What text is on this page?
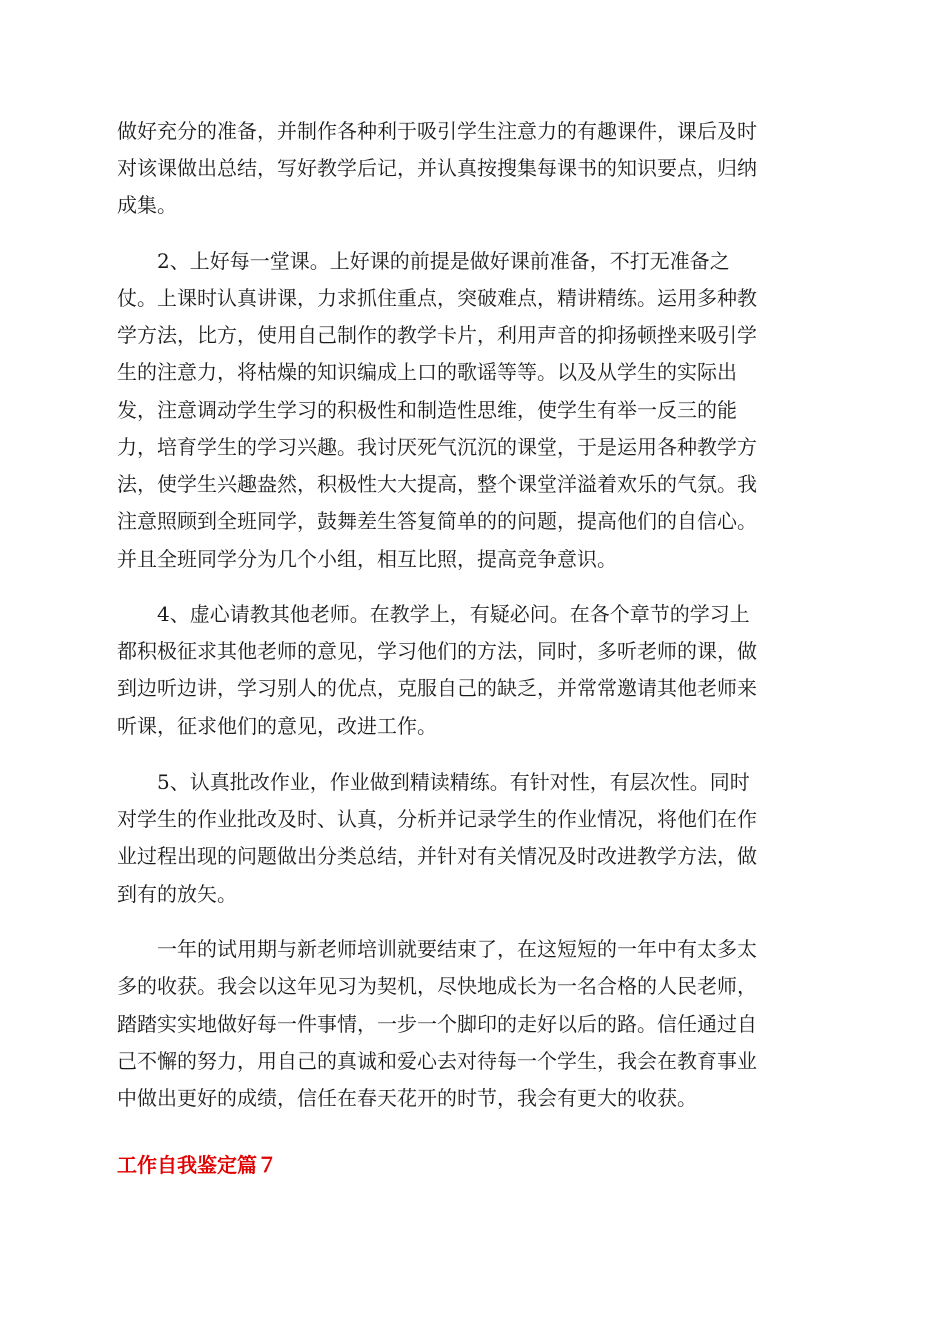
做好充分的准备，并制作各种利于吸引学生注意力的有趣课件，课后及时
对该课做出总结，写好教学后记，并认真按搜集每课书的知识要点，归纳
成集。
　　2、上好每一堂课。上好课的前提是做好课前准备，不打无准备之
仗。上课时认真讲课，力求抓住重点，突破难点，精讲精练。运用多种教
学方法，比方，使用自己制作的教学卡片，利用声音的抑扬顿挫来吸引学
生的注意力，将枯燥的知识编成上口的歌谣等等。以及从学生的实际出
发，注意调动学生学习的积极性和制造性思维，使学生有举一反三的能
力，培育学生的学习兴趣。我讨厌死气沉沉的课堂，于是运用各种教学方
法，使学生兴趣盎然，积极性大大提高，整个课堂洋溢着欢乐的气氛。我
注意照顾到全班同学，鼓舞差生答复简单的的问题，提高他们的自信心。
并且全班同学分为几个小组，相互比照，提高竞争意识。
　　4、虚心请教其他老师。在教学上，有疑必问。在各个章节的学习上
都积极征求其他老师的意见，学习他们的方法，同时，多听老师的课，做
到边听边讲，学习别人的优点，克服自己的缺乏，并常常邀请其他老师来
听课，征求他们的意见，改进工作。
　　5、认真批改作业，作业做到精读精练。有针对性，有层次性。同时
对学生的作业批改及时、认真，分析并记录学生的作业情况，将他们在作
业过程出现的问题做出分类总结，并针对有关情况及时改进教学方法，做
到有的放矢。
　　一年的试用期与新老师培训就要结束了，在这短短的一年中有太多太
多的收获。我会以这年见习为契机，尽快地成长为一名合格的人民老师，
踏踏实实地做好每一件事情，一步一个脚印的走好以后的路。信任通过自
己不懈的努力，用自己的真诚和爱心去对待每一个学生，我会在教育事业
中做出更好的成绩，信任在春天花开的时节，我会有更大的收获。
工作自我鉴定篇７
